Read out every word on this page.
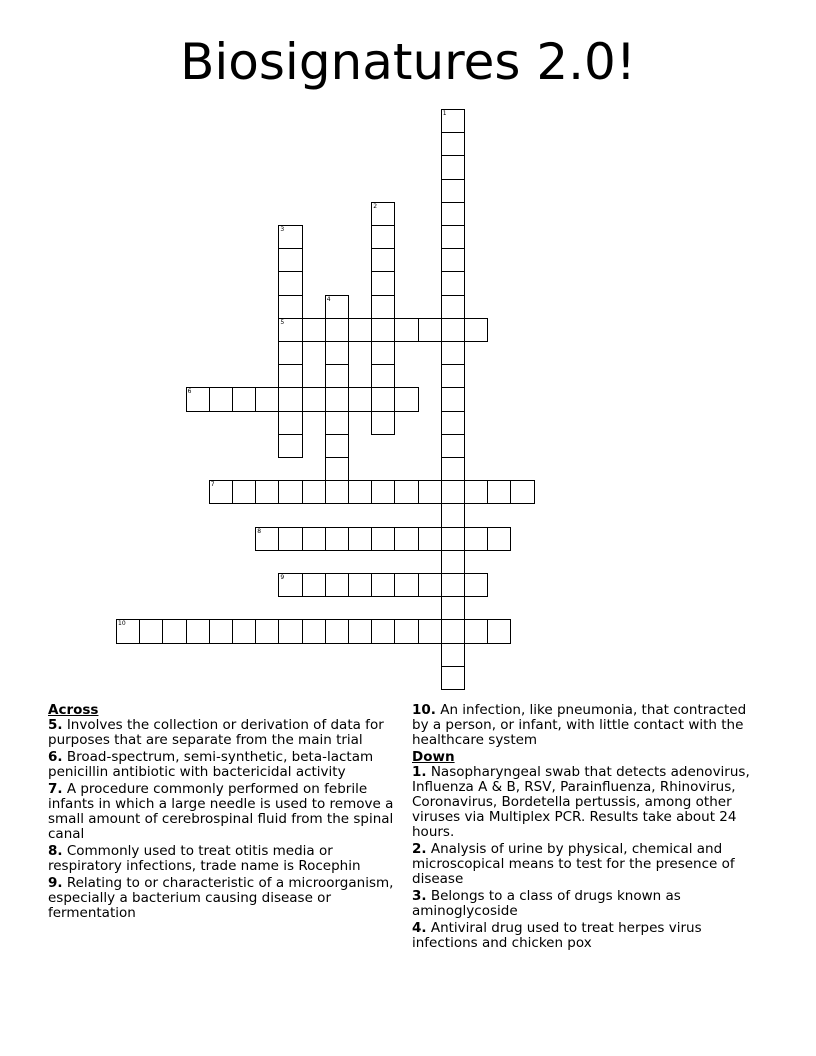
Biosignatures 2.0!
1
2
3
5
4
6
7
8
9
10
Across
5. Involves the collection or derivation of data for purposes that are separate from the main trial
6. Broad-spectrum, semi-synthetic, beta-lactam penicillin antibiotic with bactericidal activity
7. A procedure commonly performed on febrile infants in which a large needle is used to remove a small amount of cerebrospinal fluid from the spinal canal
8. Commonly used to treat otitis media or respiratory infections, trade name is Rocephin
9. Relating to or characteristic of a microorganism, especially a bacterium causing disease or fermentation
10. An infection, like pneumonia, that contracted by a person, or infant, with little contact with the healthcare system
Down
1. Nasopharyngeal swab that detects adenovirus, Influenza A & B, RSV, Parainfluenza, Rhinovirus, Coronavirus, Bordetella pertussis, among other viruses via Multiplex PCR. Results take about 24 hours.
2. Analysis of urine by physical, chemical and microscopical means to test for the presence of disease
3. Belongs to a class of drugs known as aminoglycoside
4. Antiviral drug used to treat herpes virus infections and chicken pox
